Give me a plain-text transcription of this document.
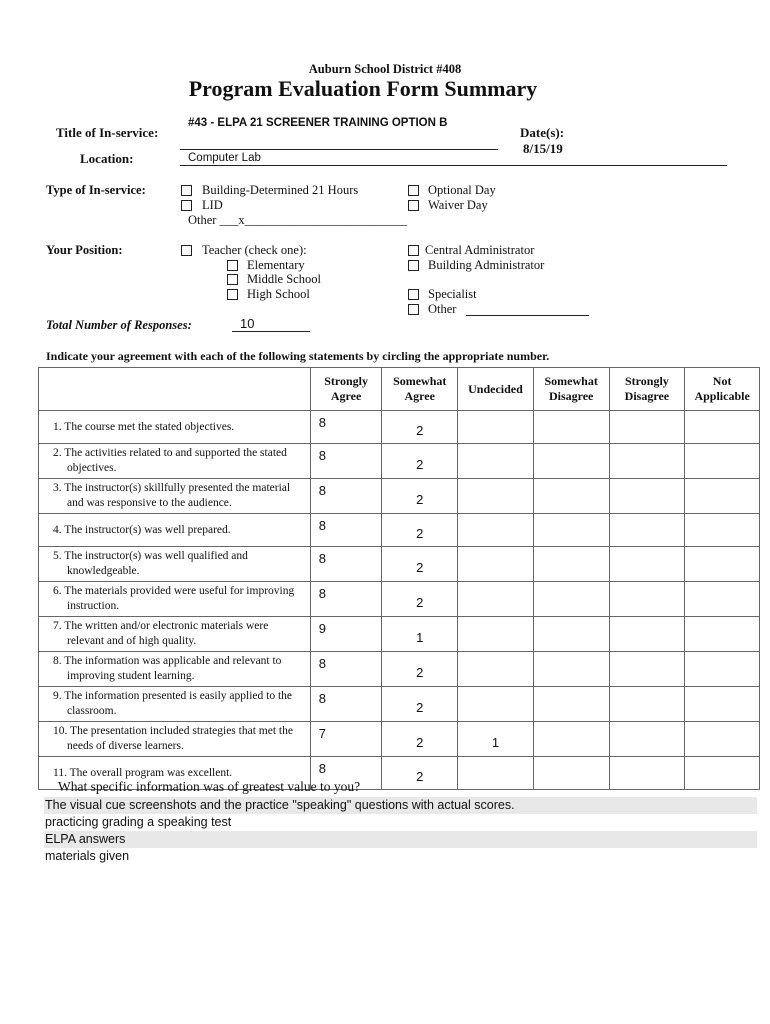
Auburn School District #408
Program Evaluation Form Summary
Title of In-service:
#43 - ELPA 21 SCREENER TRAINING OPTION B
Date(s):
8/15/19
Location:	Computer Lab
Type of In-service:	Building-Determined 21 Hours
LID
Other ___x__________________________
Optional Day
Waiver Day
Your Position:	Teacher (check one):
Elementary
Middle School
High School
Central Administrator
Building Administrator
Specialist
Other
Total Number of Responses:	10
Indicate your agreement with each of the following statements by circling the appropriate number.
	Strongly
Agree	Somewhat
Agree	Undecided	Somewhat
Disagree	Strongly
Disagree	Not
Applicable

1. The course met the stated objectives.	8	2				

2. The activities related to and supported the stated objectives.	8	2				

3. The instructor(s) skillfully presented the material and was responsive to the audience.	8	2				

4. The instructor(s) was well prepared.	8	2				

5. The instructor(s) was well qualified and knowledgeable.	8	2				

6. The materials provided were useful for improving instruction.	8	2				

7. The written and/or electronic materials were relevant and of high quality.	9	1				

8. The information was applicable and relevant to improving student learning.	8	2				

9. The information presented is easily applied to the classroom.	8	2				

10. The presentation included strategies that met the needs of diverse learners.	7	2	1			

11. The overall program was excellent.	8	2				
What specific information was of greatest value to you?
The visual cue screenshots and the practice "speaking" questions with actual scores.
practicing grading a speaking test
ELPA answers
materials given
